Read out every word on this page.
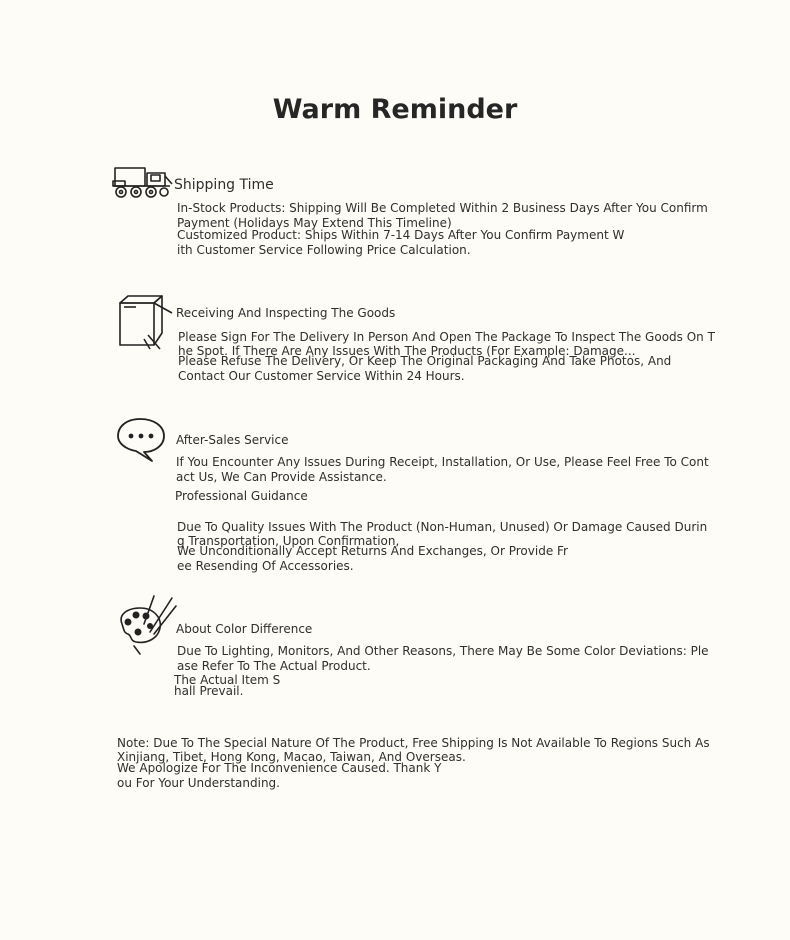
Warm Reminder
Shipping Time
In-Stock Products: Shipping Will Be Completed Within 2 Business Days After You Confirm
Payment (Holidays May Extend This Timeline)
Customized Product: Ships Within 7-14 Days After You Confirm Payment W
ith Customer Service Following Price Calculation.
Receiving And Inspecting The Goods
Please Sign For The Delivery In Person And Open The Package To Inspect The Goods On T
he Spot. If There Are Any Issues With The Products (For Example: Damage...
Please Refuse The Delivery, Or Keep The Original Packaging And Take Photos, And
Contact Our Customer Service Within 24 Hours.
After-Sales Service
If You Encounter Any Issues During Receipt, Installation, Or Use, Please Feel Free To Cont
act Us, We Can Provide Assistance.
Professional Guidance
Due To Quality Issues With The Product (Non-Human, Unused) Or Damage Caused Durin
g Transportation, Upon Confirmation,
We Unconditionally Accept Returns And Exchanges, Or Provide Fr
ee Resending Of Accessories.
About Color Difference
Due To Lighting, Monitors, And Other Reasons, There May Be Some Color Deviations: Ple
ase Refer To The Actual Product.
The Actual Item S
hall Prevail.
Note: Due To The Special Nature Of The Product, Free Shipping Is Not Available To Regions Such As
Xinjiang, Tibet, Hong Kong, Macao, Taiwan, And Overseas.
We Apologize For The Inconvenience Caused. Thank Y
ou For Your Understanding.
